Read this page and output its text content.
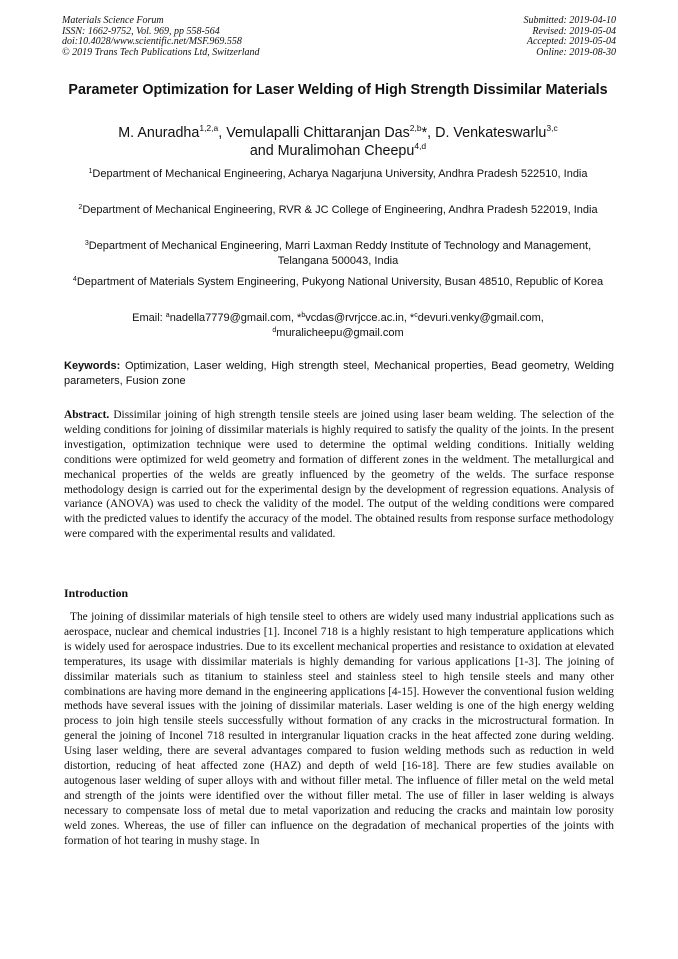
Materials Science Forum
ISSN: 1662-9752, Vol. 969, pp 558-564
doi:10.4028/www.scientific.net/MSF.969.558
© 2019 Trans Tech Publications Ltd, Switzerland
Submitted: 2019-04-10
Revised: 2019-05-04
Accepted: 2019-05-04
Online: 2019-08-30
Parameter Optimization for Laser Welding of High Strength Dissimilar Materials
M. Anuradha$^{1,2,a}$, Vemulapalli Chittaranjan Das$^{2,b}$*, D. Venkateswarlu$^{3,c}$
and Muralimohan Cheepu$^{4,d}$
$^1$Department of Mechanical Engineering, Acharya Nagarjuna University, Andhra Pradesh 522510, India
$^2$Department of Mechanical Engineering, RVR & JC College of Engineering, Andhra Pradesh 522019, India
$^3$Department of Mechanical Engineering, Marri Laxman Reddy Institute of Technology and Management, Telangana 500043, India
$^4$Department of Materials System Engineering, Pukyong National University, Busan 48510, Republic of Korea
Email: $^a$nadella7779@gmail.com, *$^b$vcdas@rvrjcce.ac.in, *$^c$devuri.venky@gmail.com,
$^d$muralicheepu@gmail.com
Keywords: Optimization, Laser welding, High strength steel, Mechanical properties, Bead geometry, Welding parameters, Fusion zone
Abstract. Dissimilar joining of high strength tensile steels are joined using laser beam welding. The selection of the welding conditions for joining of dissimilar materials is highly required to satisfy the quality of the joints. In the present investigation, optimization technique were used to determine the optimal welding conditions. Initially welding conditions were optimized for weld geometry and formation of different zones in the weldment. The metallurgical and mechanical properties of the welds are greatly influenced by the geometry of the welds. The surface response methodology design is carried out for the experimental design by the development of regression equations. Analysis of variance (ANOVA) was used to check the validity of the model. The output of the welding conditions were compared with the predicted values to identify the accuracy of the model. The obtained results from response surface methodology were compared with the experimental results and validated.
Introduction
The joining of dissimilar materials of high tensile steel to others are widely used many industrial applications such as aerospace, nuclear and chemical industries [1]. Inconel 718 is a highly resistant to high temperature applications which is widely used for aerospace industries. Due to its excellent mechanical properties and resistance to oxidation at elevated temperatures, its usage with dissimilar materials is highly demanding for various applications [1-3]. The joining of dissimilar materials such as titanium to stainless steel and stainless steel to high tensile steels and many other combinations are having more demand in the engineering applications [4-15]. However the conventional fusion welding methods have several issues with the joining of dissimilar materials. Laser welding is one of the high energy welding process to join high tensile steels successfully without formation of any cracks in the microstructural formation. In general the joining of Inconel 718 resulted in intergranular liquation cracks in the heat affected zone during welding. Using laser welding, there are several advantages compared to fusion welding methods such as reduction in weld distortion, reducing of heat affected zone (HAZ) and depth of weld [16-18]. There are few studies available on autogenous laser welding of super alloys with and without filler metal. The influence of filler metal on the weld metal and strength of the joints were identified over the without filler metal. The use of filler in laser welding is always necessary to compensate loss of metal due to metal vaporization and reducing the cracks and maintain low porosity weld zones. Whereas, the use of filler can influence on the degradation of mechanical properties of the joints with formation of hot tearing in mushy stage. In
